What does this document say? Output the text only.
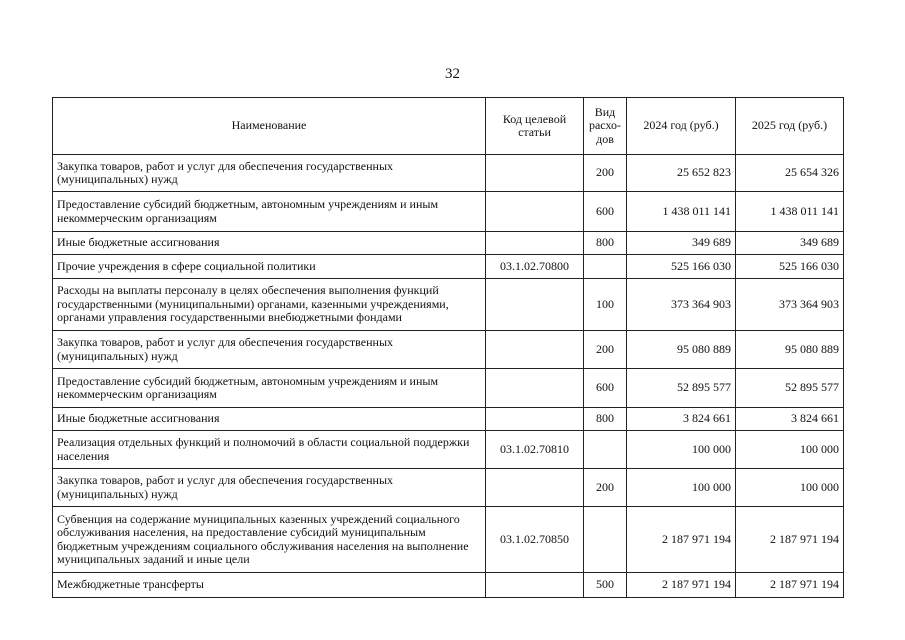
32
Наименование	Код целевой статьи	Вид расхо-дов	2024 год (руб.)	2025 год (руб.)
Закупка товаров, работ и услуг для обеспечения государственных (муниципальных) нужд		200	25 652 823	25 654 326
Предоставление субсидий бюджетным, автономным учреждениям и иным некоммерческим организациям		600	1 438 011 141	1 438 011 141
Иные бюджетные ассигнования		800	349 689	349 689
Прочие учреждения в сфере социальной политики	03.1.02.70800		525 166 030	525 166 030
Расходы на выплаты персоналу в целях обеспечения выполнения функций государственными (муниципальными) органами, казенными учреждениями, органами управления государственными внебюджетными фондами		100	373 364 903	373 364 903
Закупка товаров, работ и услуг для обеспечения государственных (муниципальных) нужд		200	95 080 889	95 080 889
Предоставление субсидий бюджетным, автономным учреждениям и иным некоммерческим организациям		600	52 895 577	52 895 577
Иные бюджетные ассигнования		800	3 824 661	3 824 661
Реализация отдельных функций и полномочий в области социальной поддержки населения	03.1.02.70810		100 000	100 000
Закупка товаров, работ и услуг для обеспечения государственных (муниципальных) нужд		200	100 000	100 000
Субвенция на содержание муниципальных казенных учреждений социального обслуживания населения, на предоставление субсидий муниципальным бюджетным учреждениям социального обслуживания населения на выполнение муниципальных заданий и иные цели	03.1.02.70850		2 187 971 194	2 187 971 194
Межбюджетные трансферты		500	2 187 971 194	2 187 971 194
